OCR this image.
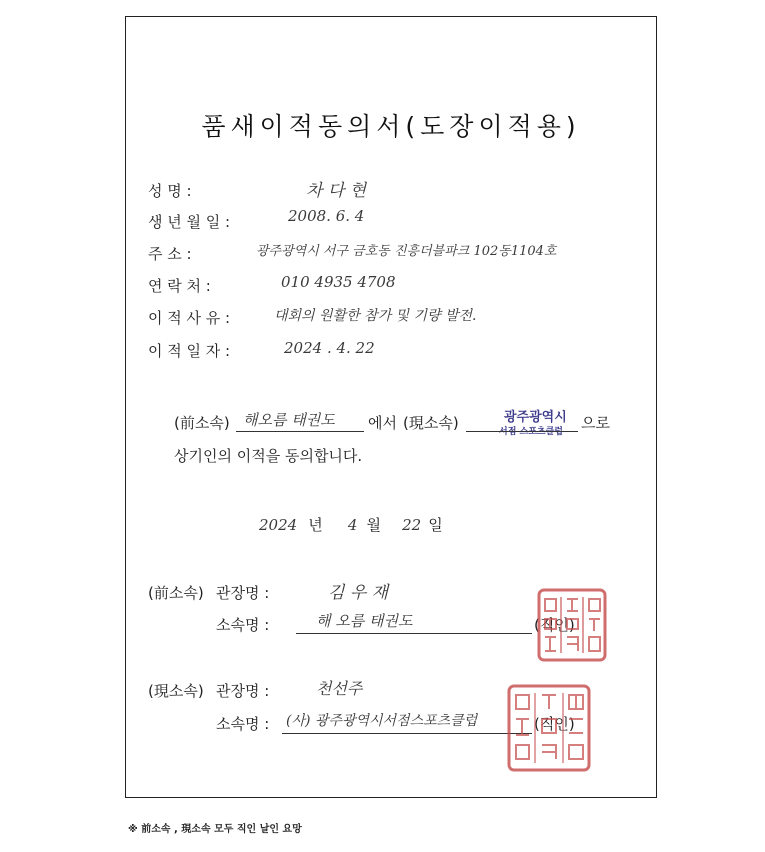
품새이적동의서(도장이적용)
성 명 :	차 다 현
생 년 월 일 :	2008. 6. 4
주 소 :	광주광역시 서구 금호동 진흥더블파크 102동1104호
연 락 처 :	010 4935 4708
이 적 사 유 :	대회의 원활한 참가 및 기량 발전.
이 적 일 자 :	2024 . 4. 22
(前소속) 해오름 태권도 에서 (現소속)	광주광역시
서점 스포츠클럽 으로
상기인의 이적을 동의합니다.
2024 년 4 월 22 일
(前소속) 관장명 :	김 우 재
소속명 :	해 오름 태권도	(직인)
(現소속) 관장명 :	천선주
소속명 : (사) 광주광역시서점스포츠클럽	(직인)
※ 前소속 , 現소속 모두 직인 날인 요망
